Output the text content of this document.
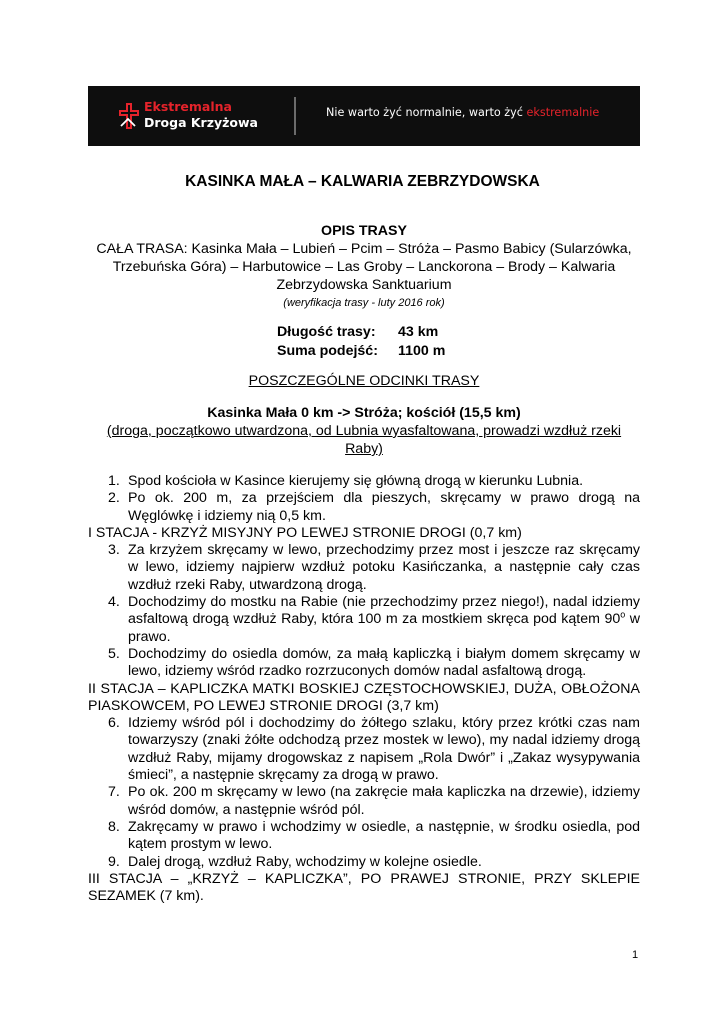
Ekstremalna
Droga Krzyżowa
Nie warto żyć normalnie, warto żyć ekstremalnie
KASINKA MAŁA – KALWARIA ZEBRZYDOWSKA
OPIS TRASY
CAŁA TRASA: Kasinka Mała – Lubień – Pcim – Stróża – Pasmo Babicy (Sularzówka,
Trzebuńska Góra) – Harbutowice – Las Groby – Lanckorona – Brody – Kalwaria
Zebrzydowska Sanktuarium
(weryfikacja trasy - luty 2016 rok)
Długość trasy: 43 km
Suma podejść: 1100 m
POSZCZEGÓLNE ODCINKI TRASY
Kasinka Mała 0 km -> Stróża; kościół (15,5 km)
(droga, początkowo utwardzona, od Lubnia wyasfaltowana, prowadzi wzdłuż rzeki
Raby)
1. Spod kościoła w Kasince kierujemy się główną drogą w kierunku Lubnia.
2. Po ok. 200 m, za przejściem dla pieszych, skręcamy w prawo drogą na Węglówkę i idziemy nią 0,5 km.
I STACJA - KRZYŻ MISYJNY PO LEWEJ STRONIE DROGI (0,7 km)
3. Za krzyżem skręcamy w lewo, przechodzimy przez most i jeszcze raz skręcamy w lewo, idziemy najpierw wzdłuż potoku Kasińczanka, a następnie cały czas wzdłuż rzeki Raby, utwardzoną drogą.
4. Dochodzimy do mostku na Rabie (nie przechodzimy przez niego!), nadal idziemy asfaltową drogą wzdłuż Raby, która 100 m za mostkiem skręca pod kątem 90$^o$ w prawo.
5. Dochodzimy do osiedla domów, za małą kapliczką i białym domem skręcamy w lewo, idziemy wśród rzadko rozrzuconych domów nadal asfaltową drogą.
II STACJA – KAPLICZKA MATKI BOSKIEJ CZĘSTOCHOWSKIEJ, DUŻA, OBŁOŻONA PIASKOWCEM, PO LEWEJ STRONIE DROGI (3,7 km)
6. Idziemy wśród pól i dochodzimy do żółtego szlaku, który przez krótki czas nam towarzyszy (znaki żółte odchodzą przez mostek w lewo), my nadal idziemy drogą wzdłuż Raby, mijamy drogowskaz z napisem „Rola Dwór” i „Zakaz wysypywania śmieci”, a następnie skręcamy za drogą w prawo.
7. Po ok. 200 m skręcamy w lewo (na zakręcie mała kapliczka na drzewie), idziemy wśród domów, a następnie wśród pól.
8. Zakręcamy w prawo i wchodzimy w osiedle, a następnie, w środku osiedla, pod kątem prostym w lewo.
9. Dalej drogą, wzdłuż Raby, wchodzimy w kolejne osiedle.
III STACJA – „KRZYŻ – KAPLICZKA”, PO PRAWEJ STRONIE, PRZY SKLEPIE SEZAMEK (7 km).
1
